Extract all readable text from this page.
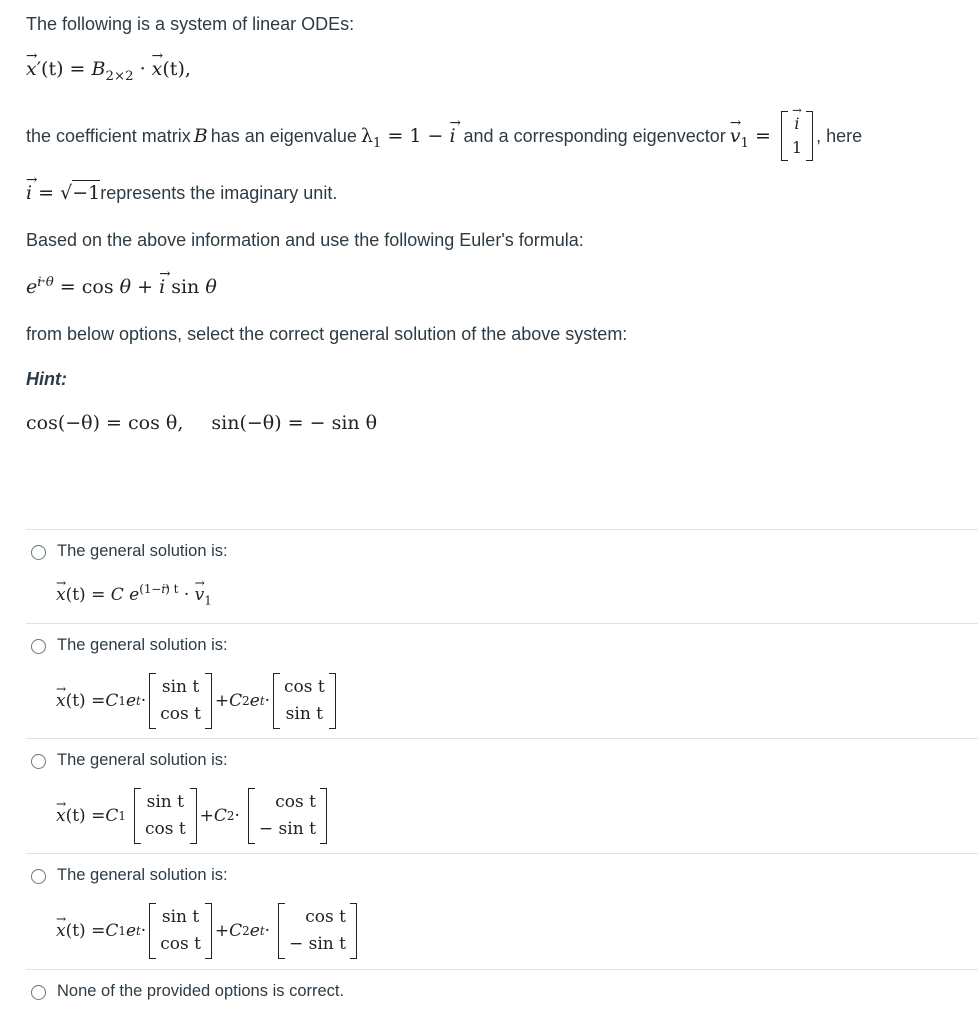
The following is a system of linear ODEs:
→ $x'(t) = B_{2\times 2}$ · → x(t),
the coefficient matrix B has an eigenvalue $\lambda_1 = 1$ − → i and a corresponding eigenvector
→ $v_1$ =
→ i
1
, here
→ i = √−1 represents the imaginary unit.
Based on the above information and use the following Euler's formula:
$e^{i \theta} = \cos \theta$ + → i sin θ
from below options, select the correct general solution of the above system:
Hint:
cos(−θ) = cos θ, sin(−θ) = − sin θ
The general solution is:
→ x(t) = C $e^{(1-i) t}$ · → $v_1$
The general solution is:
→ x (t) = C 1 e t ·
sin t
cos t
+ C 2 e t ·
cos t
sin t
The general solution is:
→ x (t) = C 1
sin t
cos t
+ C 2 ·
cos t
− sin t
The general solution is:
→ x (t) = C 1 e t ·
sin t
cos t
+ C 2 e t ·
cos t
− sin t
None of the provided options is correct.
